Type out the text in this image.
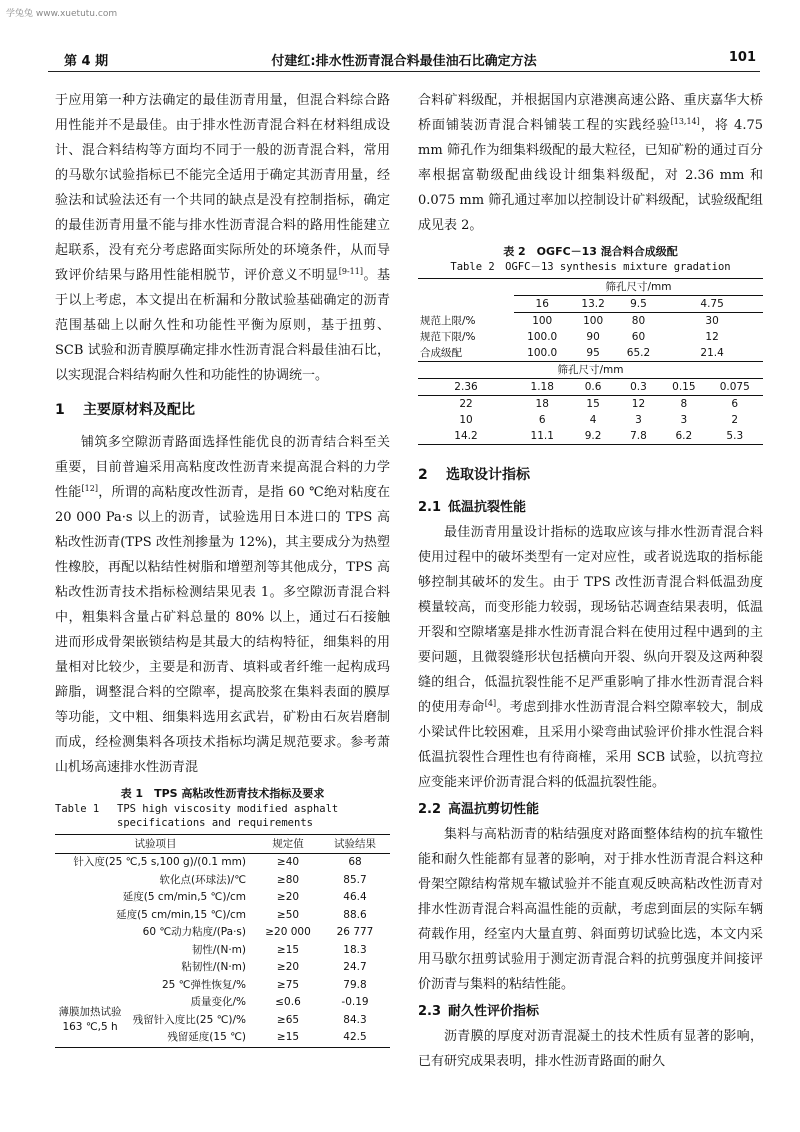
学兔兔 www.xuetutu.com
第 4 期	付建红:排水性沥青混合料最佳油石比确定方法	101

于应用第一种方法确定的最佳沥青用量，但混合料综合路用性能并不是最佳。由于排水性沥青混合料在材料组成设计、混合料结构等方面均不同于一般的沥青混合料，常用的马歇尔试验指标已不能完全适用于确定其沥青用量，经验法和试验法还有一个共同的缺点是没有控制指标，确定的最佳沥青用量不能与排水性沥青混合料的路用性能建立起联系，没有充分考虑路面实际所处的环境条件，从而导致评价结果与路用性能相脱节，评价意义不明显[9-11]。基于以上考虑，本文提出在析漏和分散试验基础确定的沥青范围基础上以耐久性和功能性平衡为原则，基于扭剪、SCB 试验和沥青膜厚确定排水性沥青混合料最佳油石比，以实现混合料结构耐久性和功能性的协调统一。

1 主要原材料及配比

铺筑多空隙沥青路面选择性能优良的沥青结合料至关重要，目前普遍采用高粘度改性沥青来提高混合料的力学性能[12]，所谓的高粘度改性沥青，是指 60 ℃绝对粘度在 20 000 Pa·s 以上的沥青，试验选用日本进口的 TPS 高粘改性沥青(TPS 改性剂掺量为 12%)，其主要成分为热塑性橡胶，再配以粘结性树脂和增塑剂等其他成分，TPS 高粘改性沥青技术指标检测结果见表 1。多空隙沥青混合料中，粗集料含量占矿料总量的 80% 以上，通过石石接触进而形成骨架嵌锁结构是其最大的结构特征，细集料的用量相对比较少，主要是和沥青、填料或者纤维一起构成玛蹄脂，调整混合料的空隙率，提高胶浆在集料表面的膜厚等功能，文中粗、细集料选用玄武岩，矿粉由石灰岩磨制而成，经检测集料各项技术指标均满足规范要求。参考萧山机场高速排水性沥青混

表 1　TPS 高粘改性沥青技术指标及要求
Table 1 TPS high viscosity modified asphalt specifications and requirements
试验项目		规定值	试验结果
针入度(25 ℃,5 s,100 g)/(0.1 mm)		≥40	68
软化点(环球法)/℃		≥80	85.7
延度(5 cm/min,5 ℃)/cm		≥20	46.4
延度(5 cm/min,15 ℃)/cm		≥50	88.6
60 ℃动力粘度/(Pa·s)		≥20 000	26 777
韧性/(N·m)		≥15	18.3
粘韧性/(N·m)		≥20	24.7
25 ℃弹性恢复/%		≥75	79.8

薄膜加热试验
163 ℃,5 h	质量变化/%	≤0.6	-0.19
	残留针入度比(25 ℃)/%	≥65	84.3
	残留延度(15 ℃)	≥15	42.5

合料矿料级配，并根据国内京港澳高速公路、重庆嘉华大桥桥面铺装沥青混合料铺装工程的实践经验[13,14]，将 4.75 mm 筛孔作为细集料级配的最大粒径，已知矿粉的通过百分率根据富勒级配曲线设计细集料级配，对 2.36 mm 和 0.075 mm 筛孔通过率加以控制设计矿料级配，试验级配组成见表 2。

表 2　OGFC－13 混合料合成级配
Table 2　OGFC－13 synthesis mixture gradation
	筛孔尺寸/mm				
	16	13.2	9.5	4.75	
规范上限/%	100	100	80	30	
规范下限/%	100.0	90	60	12	
合成级配	100.0	95	65.2	21.4	
筛孔尺寸/mm					
2.36	1.18	0.6	0.3	0.15	0.075
22	18	15	12	8	6
10	6	4	3	3	2
14.2	11.1	9.2	7.8	6.2	5.3
2 选取设计指标
2.1 低温抗裂性能

最佳沥青用量设计指标的选取应该与排水性沥青混合料使用过程中的破坏类型有一定对应性，或者说选取的指标能够控制其破坏的发生。由于 TPS 改性沥青混合料低温劲度模量较高，而变形能力较弱，现场钻芯调查结果表明，低温开裂和空隙堵塞是排水性沥青混合料在使用过程中遇到的主要问题，且微裂缝形状包括横向开裂、纵向开裂及这两种裂缝的组合，低温抗裂性能不足严重影响了排水性沥青混合料的使用寿命[4]。考虑到排水性沥青混合料空隙率较大，制成小梁试件比较困难，且采用小梁弯曲试验评价排水性混合料低温抗裂性合理性也有待商榷，采用 SCB 试验，以抗弯拉应变能来评价沥青混合料的低温抗裂性能。

2.2 高温抗剪切性能

集料与高粘沥青的粘结强度对路面整体结构的抗车辙性能和耐久性能都有显著的影响，对于排水性沥青混合料这种骨架空隙结构常规车辙试验并不能直观反映高粘改性沥青对排水性沥青混合料高温性能的贡献，考虑到面层的实际车辆荷载作用，经室内大量直剪、斜面剪切试验比选，本文内采用马歇尔扭剪试验用于测定沥青混合料的抗剪强度并间接评价沥青与集料的粘结性能。

2.3 耐久性评价指标

沥青膜的厚度对沥青混凝土的技术性质有显著的影响，已有研究成果表明，排水性沥青路面的耐久
